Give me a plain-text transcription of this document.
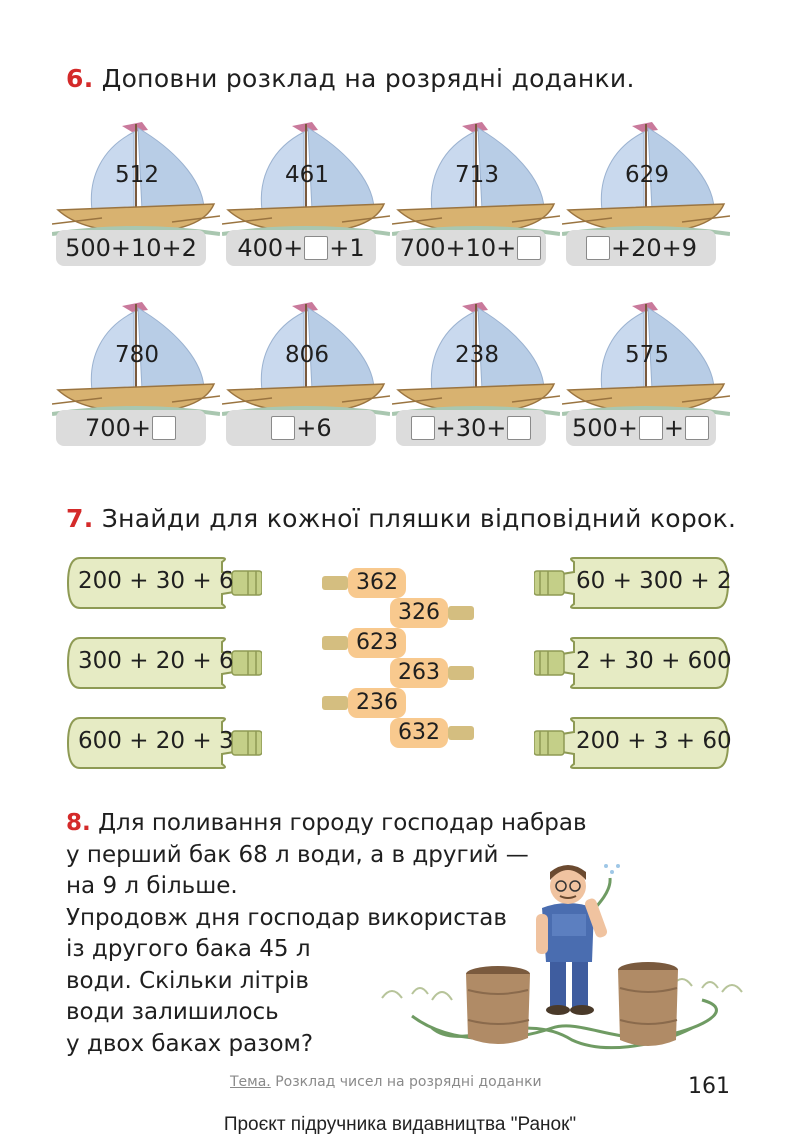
6. Доповни розклад на розрядні доданки.
512
500 + 10 + 2
461
400 + + 1
713
700 + 10 +
629
+ 20 + 9
780
700 +
806
+ 6
238
+ 30 +
575
500 + +
7. Знайди для кожної пляшки відповідний корок.
200 + 30 + 6
300 + 20 + 6
600 + 20 + 3
60 + 300 + 2
2 + 30 + 600
200 + 3 + 60
362
326
623
263
236
632
8. Для поливання городу господар набрав
у перший бак 68 л води, а в другий —
на 9 л більше.
Упродовж дня господар використав
із другого бака 45 л
води. Скільки літрів
води залишилось
у двох баках разом?
Тема. Розклад чисел на розрядні доданки	161
Проєкт підручника видавництва "Ранок"
